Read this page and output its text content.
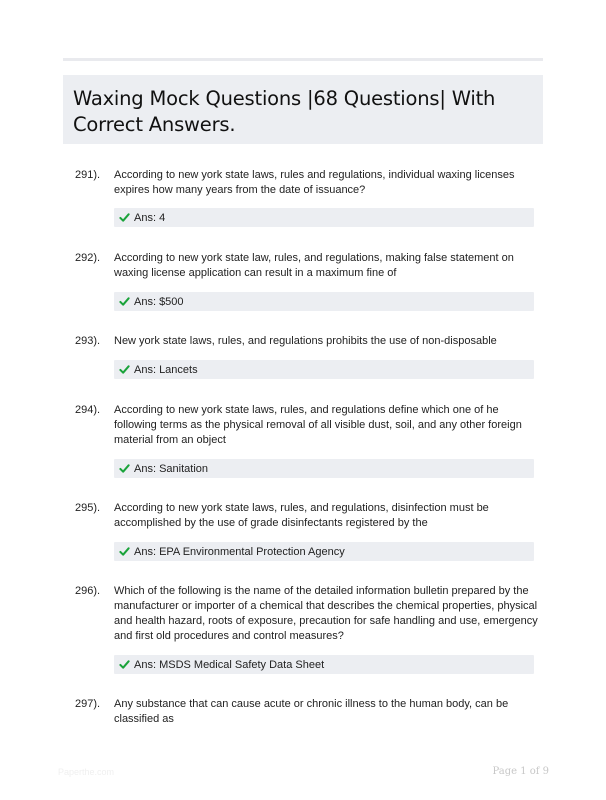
Waxing Mock Questions |68 Questions| With Correct Answers.
291). According to new york state laws, rules and regulations, individual waxing licenses expires how many years from the date of issuance?
Ans: 4
292). According to new york state law, rules, and regulations, making false statement on waxing license application can result in a maximum fine of
Ans: $500
293). New york state laws, rules, and regulations prohibits the use of non-disposable
Ans: Lancets
294). According to new york state laws, rules, and regulations define which one of he following terms as the physical removal of all visible dust, soil, and any other foreign material from an object
Ans: Sanitation
295). According to new york state laws, rules, and regulations, disinfection must be accomplished by the use of grade disinfectants registered by the
Ans: EPA Environmental Protection Agency
296). Which of the following is the name of the detailed information bulletin prepared by the manufacturer or importer of a chemical that describes the chemical properties, physical and health hazard, roots of exposure, precaution for safe handling and use, emergency and first old procedures and control measures?
Ans: MSDS Medical Safety Data Sheet
297). Any substance that can cause acute or chronic illness to the human body, can be classified as
Paperthe.com	Page 1 of 9
